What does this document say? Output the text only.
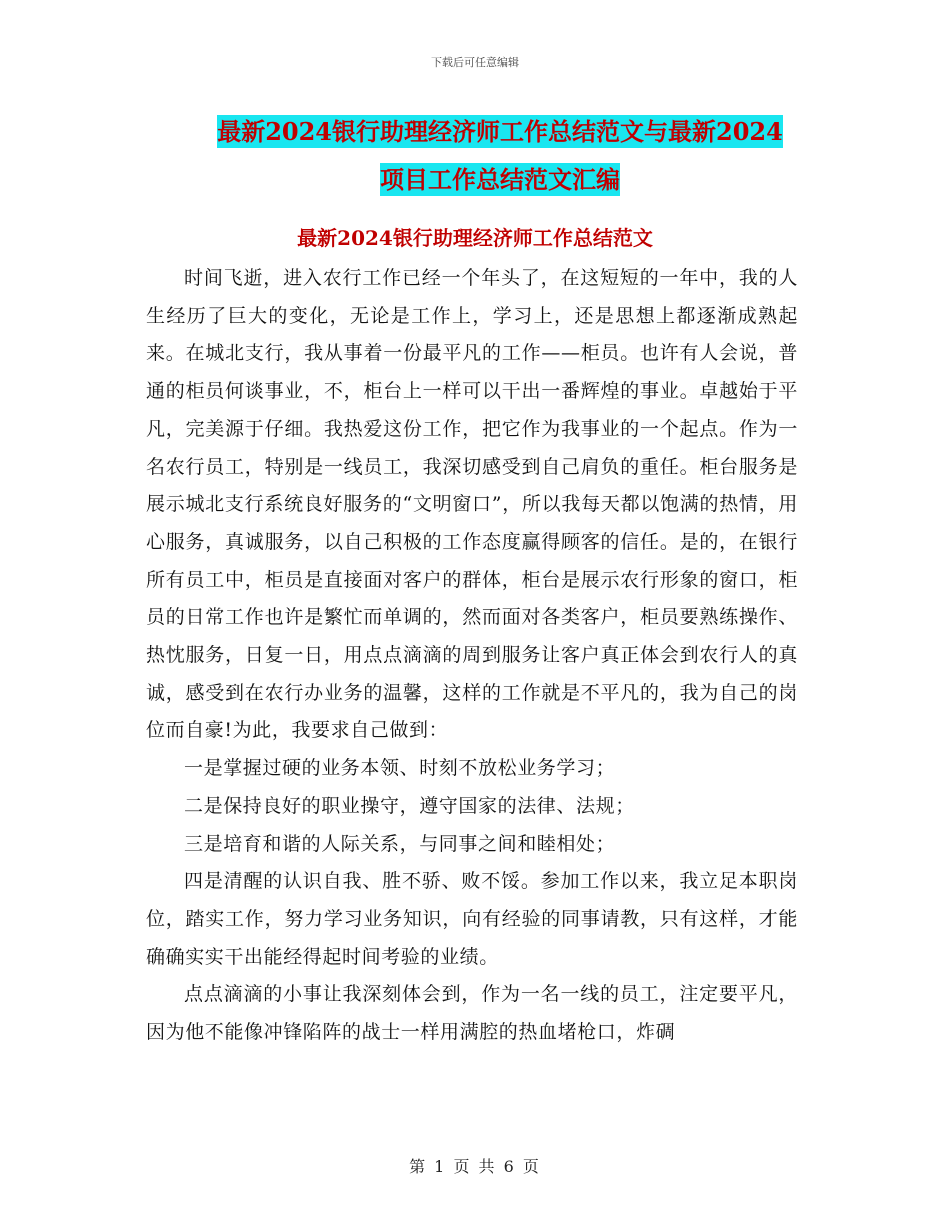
下载后可任意编辑
最新2024银行助理经济师工作总结范文与最新2024
项目工作总结范文汇编
最新2024银行助理经济师工作总结范文

时间飞逝，进入农行工作已经一个年头了，在这短短的一年中，我的人生经历了巨大的变化，无论是工作上，学习上，还是思想上都逐渐成熟起来。在城北支行，我从事着一份最平凡的工作——柜员。也许有人会说，普通的柜员何谈事业，不，柜台上一样可以干出一番辉煌的事业。卓越始于平凡，完美源于仔细。我热爱这份工作，把它作为我事业的一个起点。作为一名农行员工，特别是一线员工，我深切感受到自己肩负的重任。柜台服务是展示城北支行系统良好服务的“文明窗口”，所以我每天都以饱满的热情，用心服务，真诚服务，以自己积极的工作态度赢得顾客的信任。是的，在银行所有员工中，柜员是直接面对客户的群体，柜台是展示农行形象的窗口，柜员的日常工作也许是繁忙而单调的，然而面对各类客户，柜员要熟练操作、热忱服务，日复一日，用点点滴滴的周到服务让客户真正体会到农行人的真诚，感受到在农行办业务的温馨，这样的工作就是不平凡的，我为自己的岗位而自豪!为此，我要求自己做到：

一是掌握过硬的业务本领、时刻不放松业务学习；

二是保持良好的职业操守，遵守国家的法律、法规；

三是培育和谐的人际关系，与同事之间和睦相处；

四是清醒的认识自我、胜不骄、败不馁。参加工作以来，我立足本职岗位，踏实工作，努力学习业务知识，向有经验的同事请教，只有这样，才能确确实实干出能经得起时间考验的业绩。

点点滴滴的小事让我深刻体会到，作为一名一线的员工，注定要平凡，因为他不能像冲锋陷阵的战士一样用满腔的热血堵枪口，炸碉

第 1 页 共 6 页
